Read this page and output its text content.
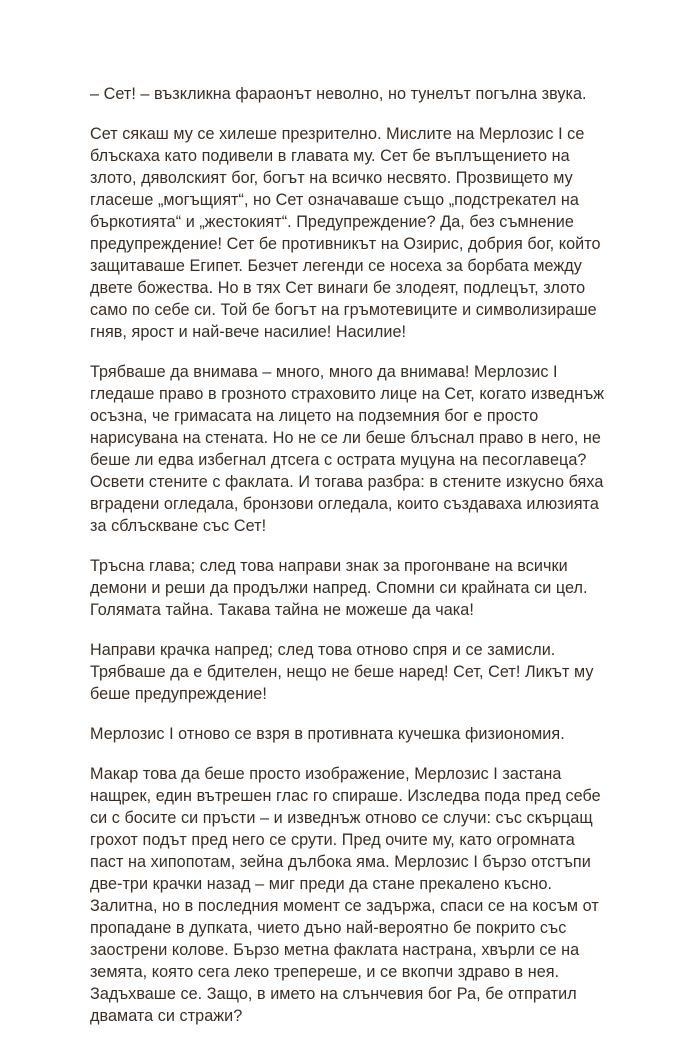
– Сет! – възкликна фараонът неволно, но тунелът погълна звука.

Сет сякаш му се хилеше презрително. Мислите на Мерлозис I се
блъскаха като подивели в главата му. Сет бе въплъщението на
злото, дяволският бог, богът на всичко несвято. Прозвището му
гласеше „могъщият“, но Сет означаваше също „подстрекател на
бъркотията“ и „жестокият“. Предупреждение? Да, без съмнение
предупреждение! Сет бе противникът на Озирис, добрия бог, който
защитаваше Египет. Безчет легенди се носеха за борбата между
двете божества. Но в тях Сет винаги бе злодеят, подлецът, злото
само по себе си. Той бе богът на гръмотевиците и символизираше
гняв, ярост и най-вече насилие! Насилие!

Трябваше да внимава – много, много да внимава! Мерлозис I
гледаше право в грозното страховито лице на Сет, когато изведнъж
осъзна, че гримасата на лицето на подземния бог е просто
нарисувана на стената. Но не се ли беше блъснал право в него, не
беше ли едва избегнал дтсега с острата муцуна на песоглавеца?
Освети стените с факлата. И тогава разбра: в стените изкусно бяха
вградени огледала, бронзови огледала, които създаваха илюзията
за сблъскване със Сет!

Тръсна глава; след това направи знак за прогонване на всички
демони и реши да продължи напред. Спомни си крайната си цел.
Голямата тайна. Такава тайна не можеше да чака!

Направи крачка напред; след това отново спря и се замисли.
Трябваше да е бдителен, нещо не беше наред! Сет, Сет! Ликът му
беше предупреждение!

Мерлозис I отново се взря в противната кучешка физиономия.

Макар това да беше просто изображение, Мерлозис I застана
нащрек, един вътрешен глас го спираше. Изследва пода пред себе
си с босите си пръсти – и изведнъж отново се случи: със скърцащ
грохот подът пред него се срути. Пред очите му, като огромната
паст на хипопотам, зейна дълбока яма. Мерлозис I бързо отстъпи
две-три крачки назад – миг преди да стане прекалено късно.
Залитна, но в последния момент се задържа, спаси се на косъм от
пропадане в дупката, чието дъно най-вероятно бе покрито със
заострени колове. Бързо метна факлата настрана, хвърли се на
земята, която сега леко трепереше, и се вкопчи здраво в нея.
Задъхваше се. Защо, в името на слънчевия бог Ра, бе отпратил
двамата си стражи?
